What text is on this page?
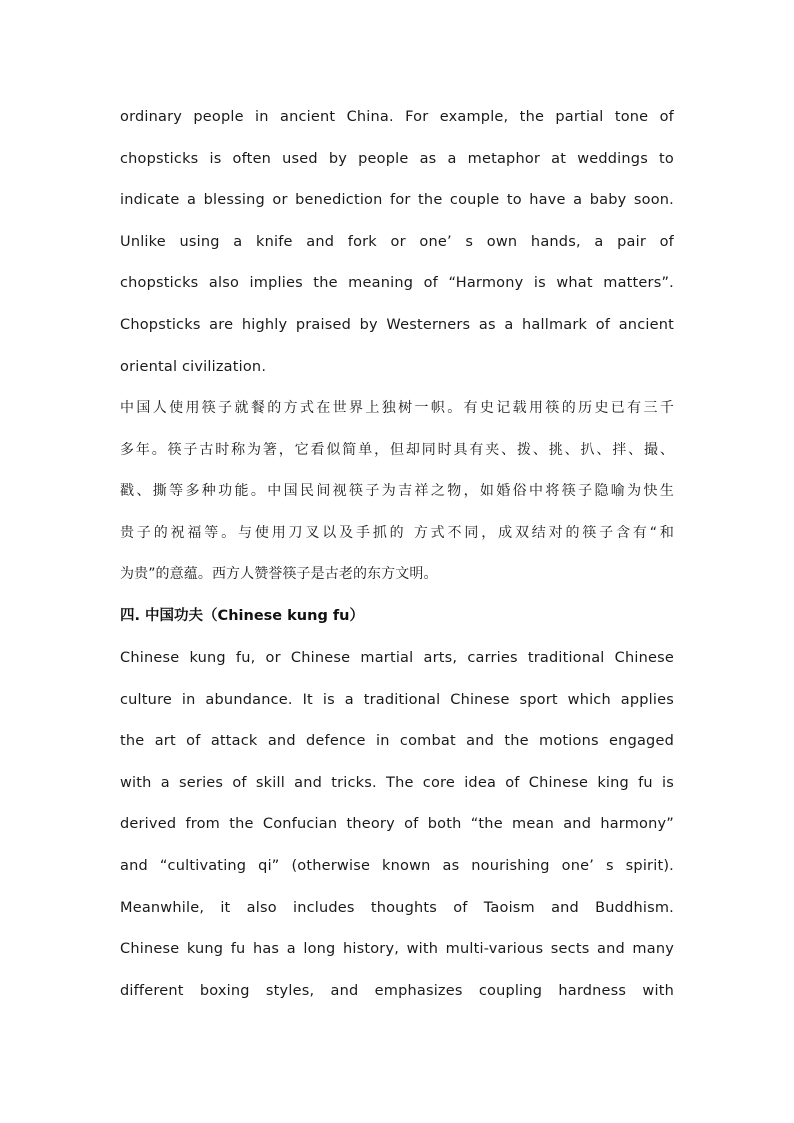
ordinary people in ancient China. For example, the partial tone of
chopsticks is often used by people as a metaphor at weddings to
indicate a blessing or benediction for the couple to have a baby soon.
Unlike using a knife and fork or one’ s own hands, a pair of
chopsticks also implies the meaning of “Harmony is what matters”.
Chopsticks are highly praised by Westerners as a hallmark of ancient
oriental civilization.
中国人使用筷子就餐的方式在世界上独树一帜。有史记载用筷的历史已有三千
多年。筷子古时称为箸，它看似简单，但却同时具有夹、拨、挑、扒、拌、撮、
戳、撕等多种功能。中国民间视筷子为吉祥之物，如婚俗中将筷子隐喻为快生
贵子的祝福等。与使用刀叉以及手抓的 方式不同，成双结对的筷子含有“和
为贵”的意蕴。西方人赞誉筷子是古老的东方文明。
四. 中国功夫（Chinese kung fu）
Chinese kung fu, or Chinese martial arts, carries traditional Chinese
culture in abundance. It is a traditional Chinese sport which applies
the art of attack and defence in combat and the motions engaged
with a series of skill and tricks. The core idea of Chinese king fu is
derived from the Confucian theory of both “the mean and harmony”
and “cultivating qi” (otherwise known as nourishing one’ s spirit).
Meanwhile, it also includes thoughts of Taoism and Buddhism.
Chinese kung fu has a long history, with multi-various sects and many
different boxing styles, and emphasizes coupling hardness with
